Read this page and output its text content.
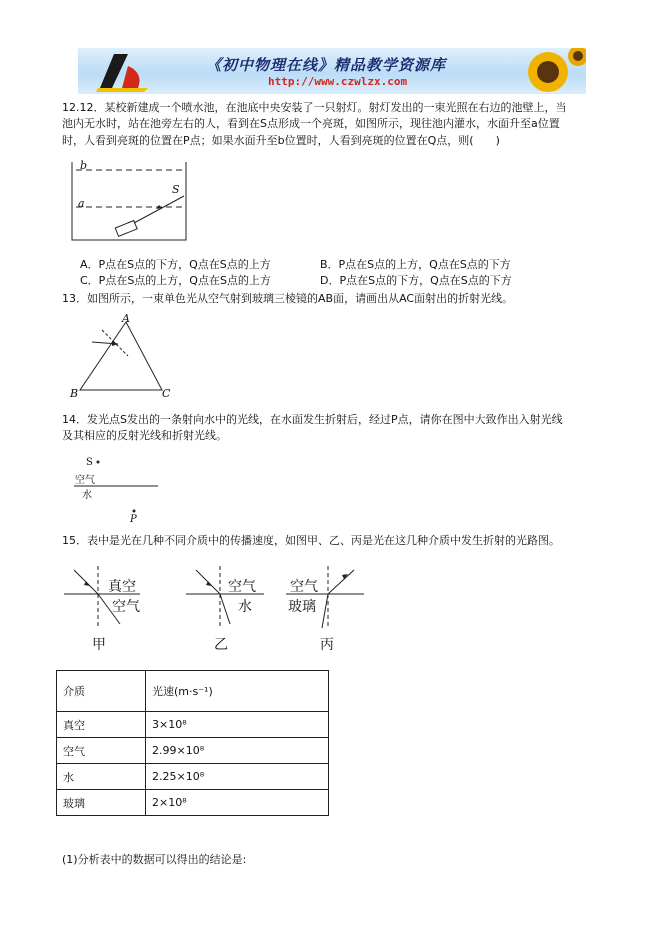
《初中物理在线》精品教学资源库
http://www.czwlzx.com
12.12．某校新建成一个喷水池，在池底中央安装了一只射灯。射灯发出的一束光照在右边的池壁上，当
池内无水时，站在池旁左右的人，看到在S点形成一个亮斑，如图所示，现往池内灌水，水面升至a位置
时，人看到亮斑的位置在P点；如果水面升至b位置时，人看到亮斑的位置在Q点，则(　　)
b
a
S
A．P点在S点的下方，Q点在S点的上方	B．P点在S点的上方，Q点在S点的下方
C．P点在S点的上方，Q点在S点的上方	D．P点在S点的下方，Q点在S点的下方
13．如图所示，一束单色光从空气射到玻璃三棱镜的AB面，请画出从AC面射出的折射光线。
A
B	C
14．发光点S发出的一条射向水中的光线，在水面发生折射后，经过P点，请你在图中大致作出入射光线
及其相应的反射光线和折射光线。
S
空气
水
P
15．表中是光在几种不同介质中的传播速度，如图甲、乙、丙是光在这几种介质中发生折射的光路图。
真空
空气
甲
空气
水
乙
空气
玻璃
丙
介质	光速(m·s⁻¹)
真空	3×10⁸
空气	2.99×10⁸
水	2.25×10⁸
玻璃	2×10⁸
(1)分析表中的数据可以得出的结论是:
